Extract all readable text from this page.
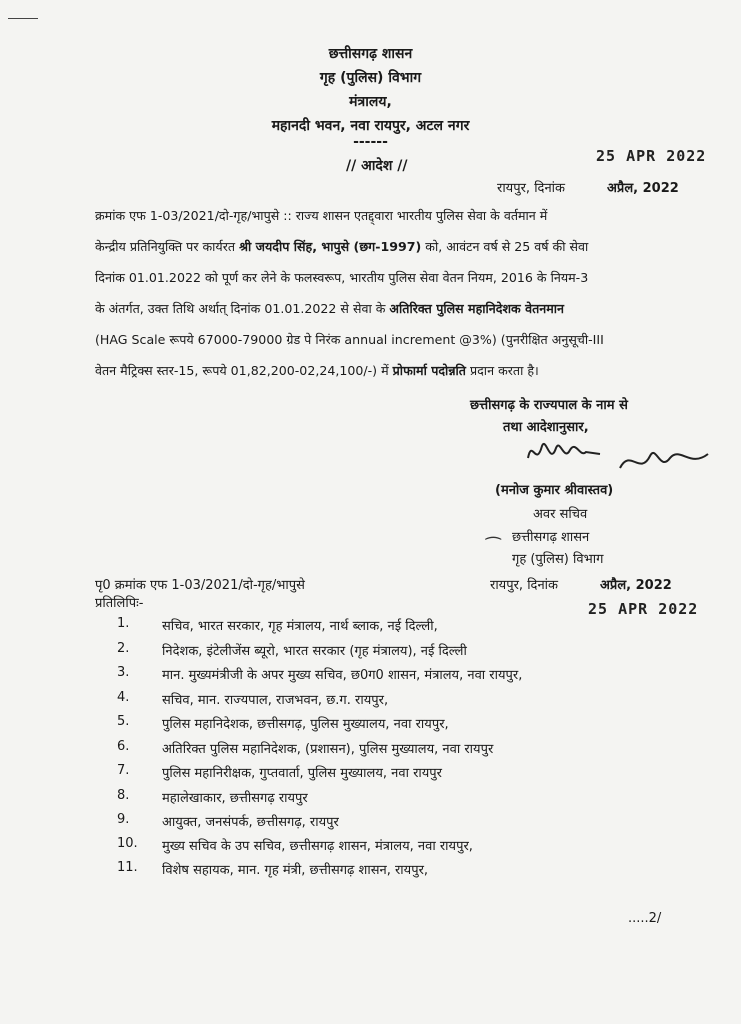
छत्तीसगढ़ शासन
गृह (पुलिस) विभाग
मंत्रालय,
महानदी भवन, नवा रायपुर, अटल नगर
------
// आदेश //
25 APR 2022
रायपुर, दिनांक	अप्रैल, 2022
क्रमांक एफ 1-03/2021/दो-गृह/भापुसे :: राज्य शासन एतद्द्वारा भारतीय पुलिस सेवा के वर्तमान में
केन्द्रीय प्रतिनियुक्ति पर कार्यरत श्री जयदीप सिंह, भापुसे (छग-1997) को, आवंटन वर्ष से 25 वर्ष की सेवा
दिनांक 01.01.2022 को पूर्ण कर लेने के फलस्वरूप, भारतीय पुलिस सेवा वेतन नियम, 2016 के नियम-3
के अंतर्गत, उक्त तिथि अर्थात् दिनांक 01.01.2022 से सेवा के अतिरिक्त पुलिस महानिदेशक वेतनमान
(HAG Scale रूपये 67000-79000 ग्रेड पे निरंक annual increment @3%) (पुनरीक्षित अनुसूची-III
वेतन मैट्रिक्स स्तर-15, रूपये 01,82,200-02,24,100/-) में प्रोफार्मा पदोन्नति प्रदान करता है।
छत्तीसगढ़ के राज्यपाल के नाम से
तथा आदेशानुसार,
(मनोज कुमार श्रीवास्तव)
अवर सचिव
छत्तीसगढ़ शासन
⁀
गृह (पुलिस) विभाग
पृ0 क्रमांक एफ 1-03/2021/दो-गृह/भापुसे	रायपुर, दिनांक	अप्रैल, 2022
प्रतिलिपिः-	25 APR 2022
1.	सचिव, भारत सरकार, गृह मंत्रालय, नार्थ ब्लाक, नई दिल्ली,
2.	निदेशक, इंटेलीजेंस ब्यूरो, भारत सरकार (गृह मंत्रालय), नई दिल्ली
3.	मान. मुख्यमंत्रीजी के अपर मुख्य सचिव, छ0ग0 शासन, मंत्रालय, नवा रायपुर,
4.	सचिव, मान. राज्यपाल, राजभवन, छ.ग. रायपुर,
5.	पुलिस महानिदेशक, छत्तीसगढ़, पुलिस मुख्यालय, नवा रायपुर,
6.	अतिरिक्त पुलिस महानिदेशक, (प्रशासन), पुलिस मुख्यालय, नवा रायपुर
7.	पुलिस महानिरीक्षक, गुप्तवार्ता, पुलिस मुख्यालय, नवा रायपुर
8.	महालेखाकार, छत्तीसगढ़ रायपुर
9.	आयुक्त, जनसंपर्क, छत्तीसगढ़, रायपुर
10. मुख्य सचिव के उप सचिव, छत्तीसगढ़ शासन, मंत्रालय, नवा रायपुर,
11. विशेष सहायक, मान. गृह मंत्री, छत्तीसगढ़ शासन, रायपुर,
.....2/
